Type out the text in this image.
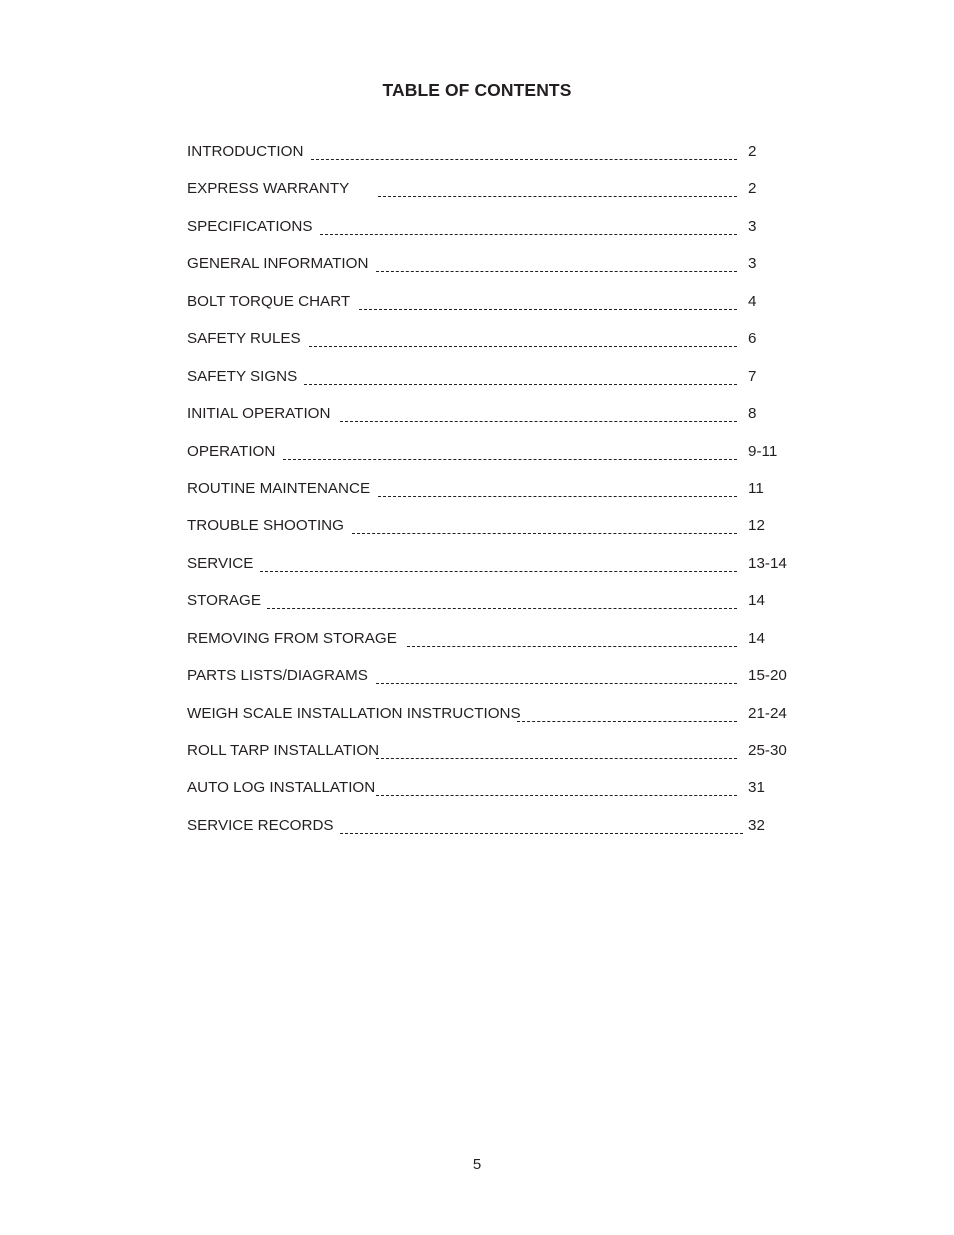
TABLE OF CONTENTS
INTRODUCTION	2
EXPRESS WARRANTY	2
SPECIFICATIONS	3
GENERAL INFORMATION	3
BOLT TORQUE CHART	4
SAFETY RULES	6
SAFETY SIGNS	7
INITIAL OPERATION	8
OPERATION	9-11
ROUTINE MAINTENANCE	11
TROUBLE SHOOTING	12
SERVICE	13-14
STORAGE	14
REMOVING FROM STORAGE	14
PARTS LISTS/DIAGRAMS	15-20
WEIGH SCALE INSTALLATION INSTRUCTIONS	21-24
ROLL TARP INSTALLATION	25-30
AUTO LOG INSTALLATION	31
SERVICE RECORDS	32
5
